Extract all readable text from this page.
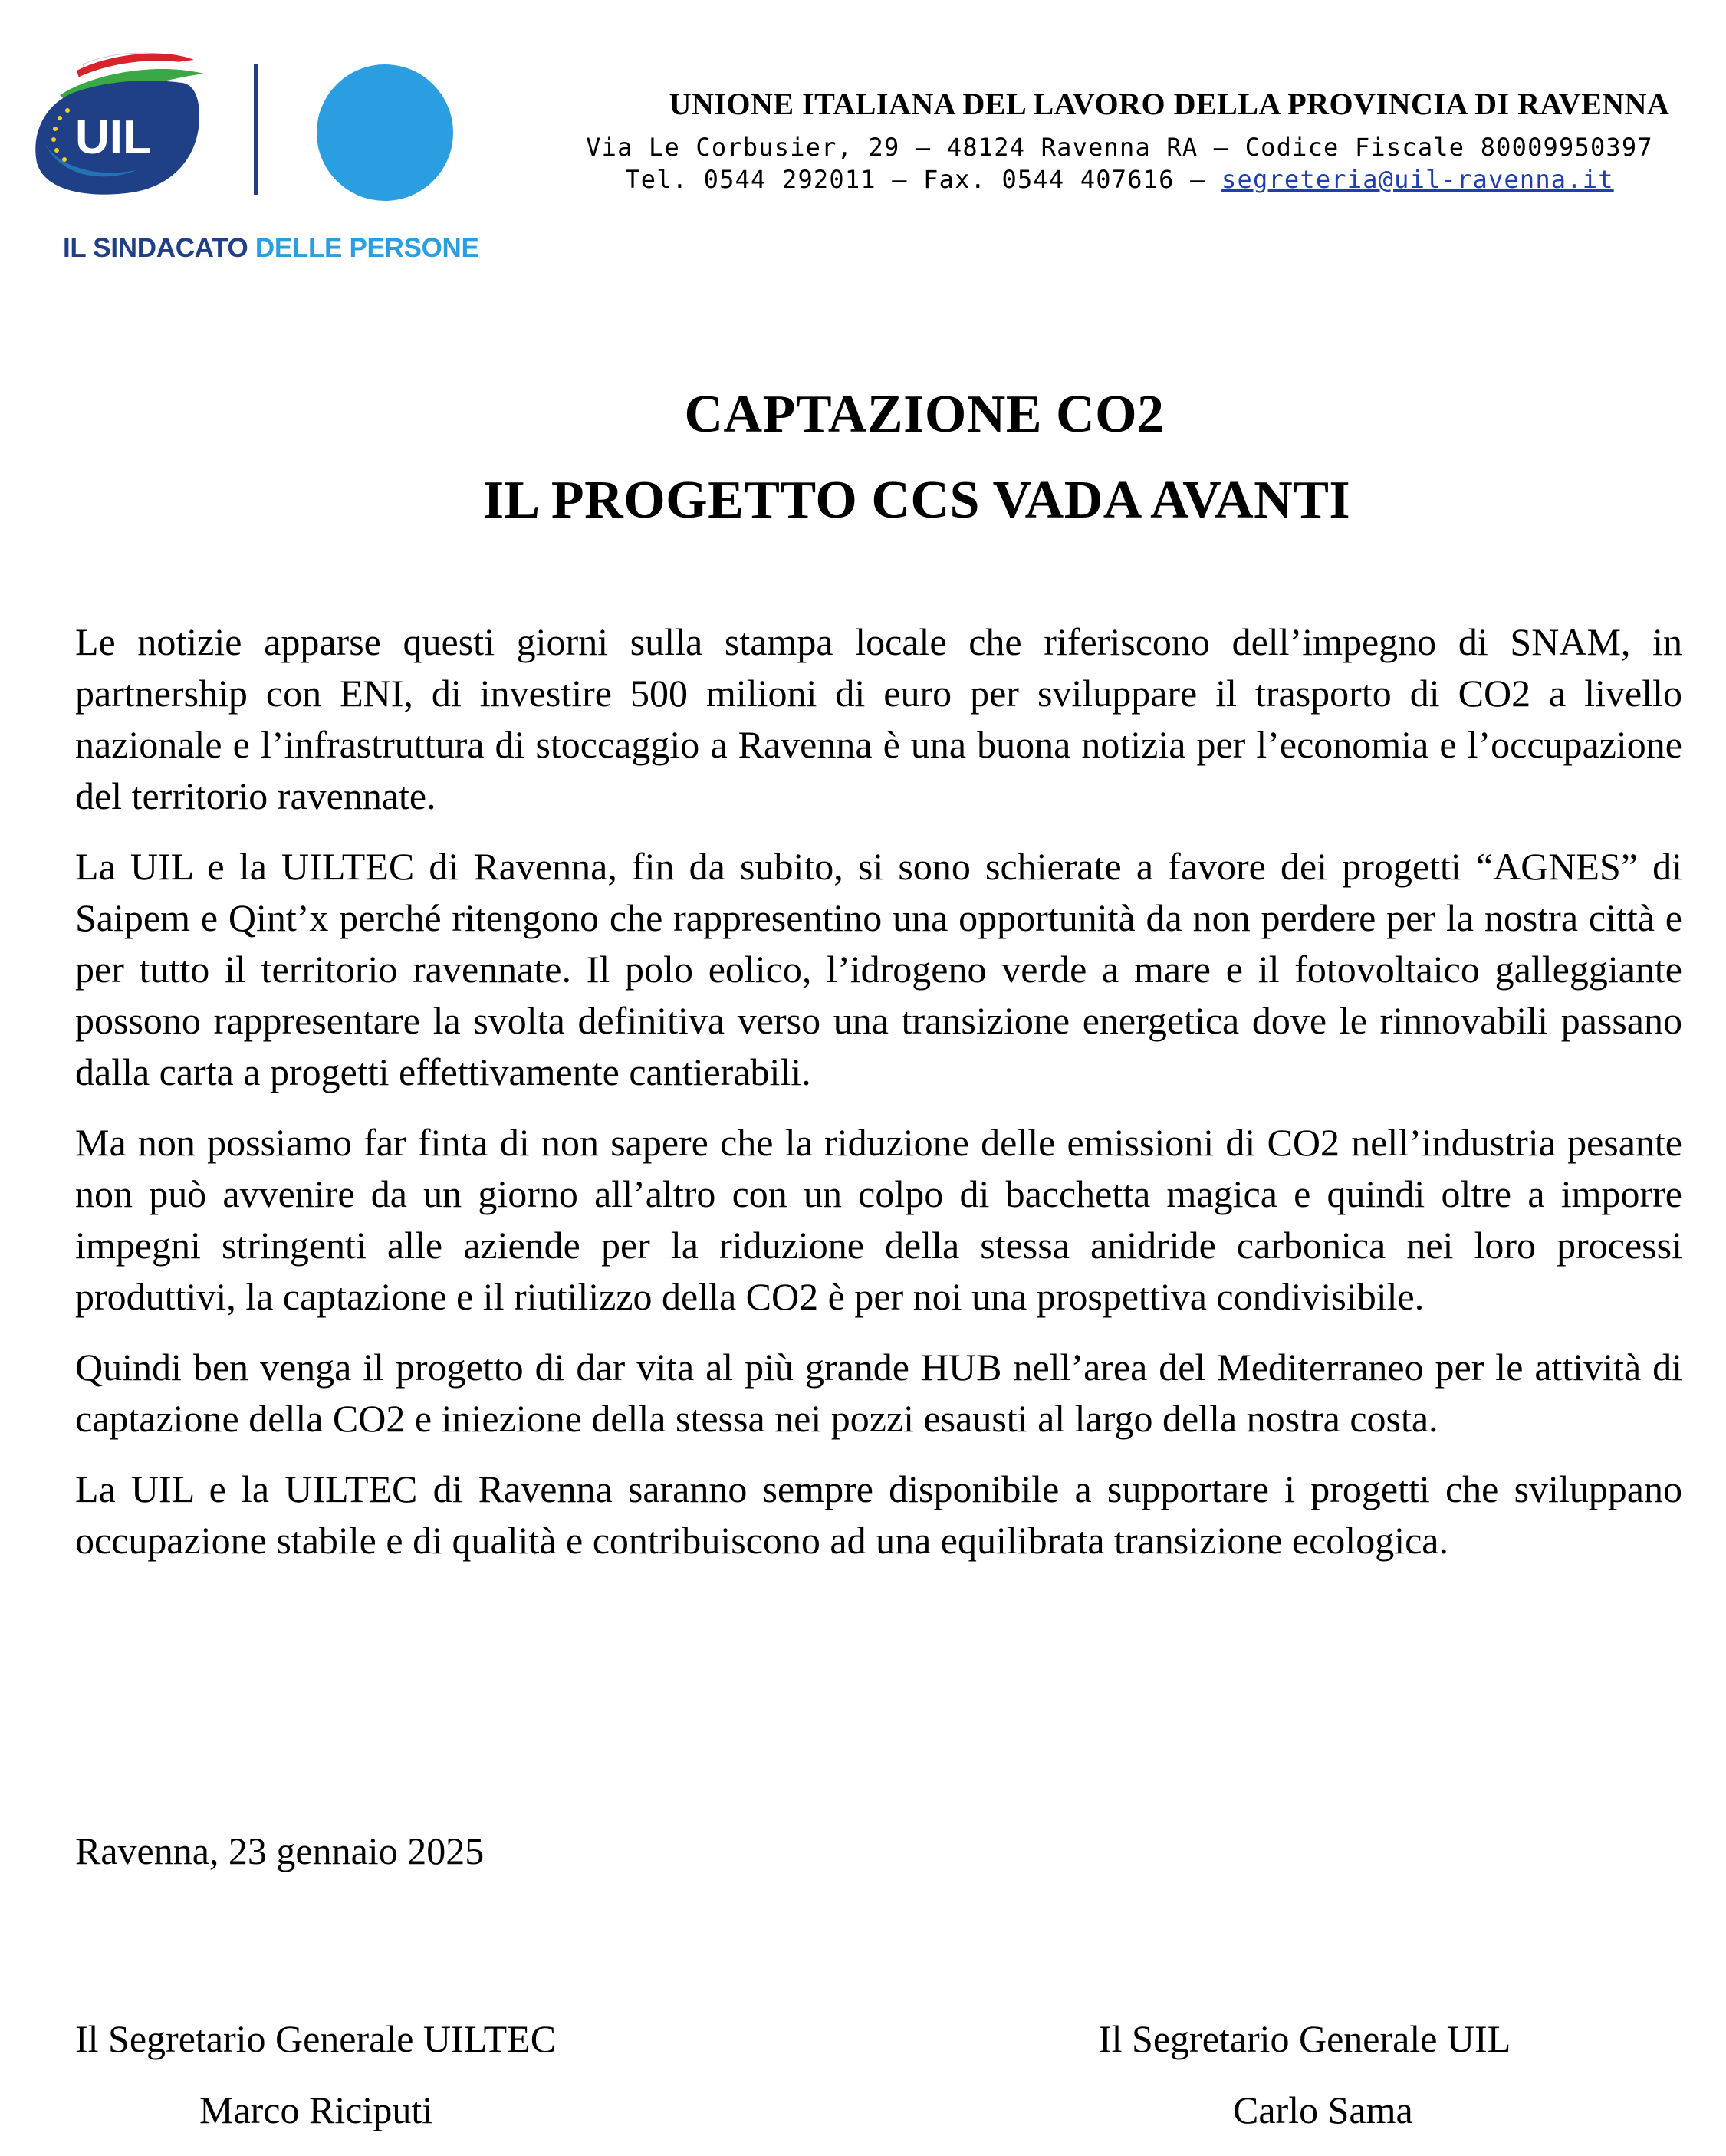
UIL
IL SINDACATO DELLE PERSONE
UNIONE ITALIANA DEL LAVORO DELLA PROVINCIA DI RAVENNA
Via Le Corbusier, 29 – 48124 Ravenna RA – Codice Fiscale 80009950397
Tel. 0544 292011 – Fax. 0544 407616 – segreteria@uil-ravenna.it
CAPTAZIONE CO2
IL PROGETTO CCS VADA AVANTI

Le notizie apparse questi giorni sulla stampa locale che riferiscono dell’impegno di SNAM, in partnership con ENI, di investire 500 milioni di euro per sviluppare il trasporto di CO2 a livello nazionale e l’infrastruttura di stoccaggio a Ravenna è una buona notizia per l’economia e l’occupazione del territorio ravennate.

La UIL e la UILTEC di Ravenna, fin da subito, si sono schierate a favore dei progetti “AGNES” di Saipem e Qint’x perché ritengono che rappresentino una opportunità da non perdere per la nostra città e per tutto il territorio ravennate. Il polo eolico, l’idrogeno verde a mare e il fotovoltaico galleggiante possono rappresentare la svolta definitiva verso una transizione energetica dove le rinnovabili passano dalla carta a progetti effettivamente cantierabili.

Ma non possiamo far finta di non sapere che la riduzione delle emissioni di CO2 nell’industria pesante non può avvenire da un giorno all’altro con un colpo di bacchetta magica e quindi oltre a imporre impegni stringenti alle aziende per la riduzione della stessa anidride carbonica nei loro processi produttivi, la captazione e il riutilizzo della CO2 è per noi una prospettiva condivisibile.

Quindi ben venga il progetto di dar vita al più grande HUB nell’area del Mediterraneo per le attività di captazione della CO2 e iniezione della stessa nei pozzi esausti al largo della nostra costa.

La UIL e la UILTEC di Ravenna saranno sempre disponibile a supportare i progetti che sviluppano occupazione stabile e di qualità e contribuiscono ad una equilibrata transizione ecologica.

Ravenna, 23 gennaio 2025
Il Segretario Generale UILTEC
Marco Riciputi
Il Segretario Generale UIL
Carlo Sama
